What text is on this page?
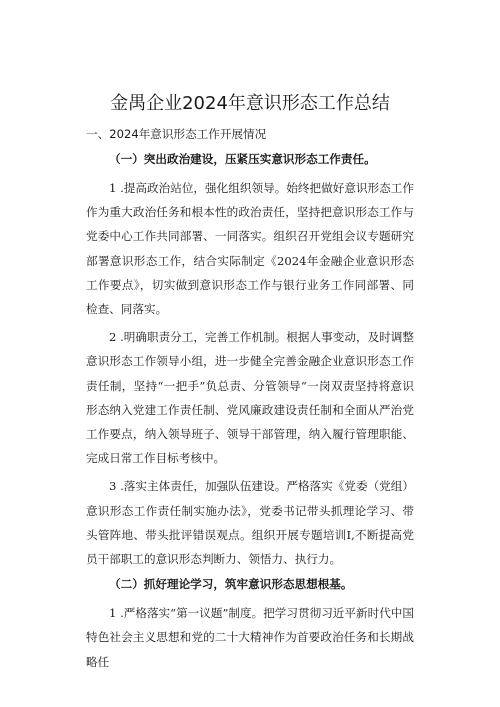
金禺企业2024年意识形态工作总结
一、2024年意识形态工作开展情况
（一）突出政治建设，压紧压实意识形态工作责任。

1 .提高政治站位，强化组织领导。始终把做好意识形态工作作为重大政治任务和根本性的政治责任，坚持把意识形态工作与党委中心工作共同部署、一同落实。组织召开党组会议专题研究部署意识形态工作，结合实际制定《2024年金融企业意识形态工作要点》，切实做到意识形态工作与银行业务工作同部署、同检查、同落实。

2 .明确职责分工，完善工作机制。根据人事变动，及时调整意识形态工作领导小组，进一步健全完善金融企业意识形态工作责任制，坚持“一把手”负总责、分管领导“一岗双责坚持将意识形态纳入党建工作责任制、党风廉政建设责任制和全面从严治党工作要点，纳入领导班子、领导干部管理，纳入履行管理职能、完成日常工作目标考核中。

3 .落实主体责任，加强队伍建设。严格落实《党委（党组）意识形态工作责任制实施办法》，党委书记带头抓理论学习、带头管阵地、带头批评错误观点。组织开展专题培训I,不断提高党员干部职工的意识形态判断力、领悟力、执行力。

（二）抓好理论学习，筑牢意识形态思想根基。

1 .严格落实“第一议题”制度。把学习贯彻习近平新时代中国特色社会主义思想和党的二十大精神作为首要政治任务和长期战略任
